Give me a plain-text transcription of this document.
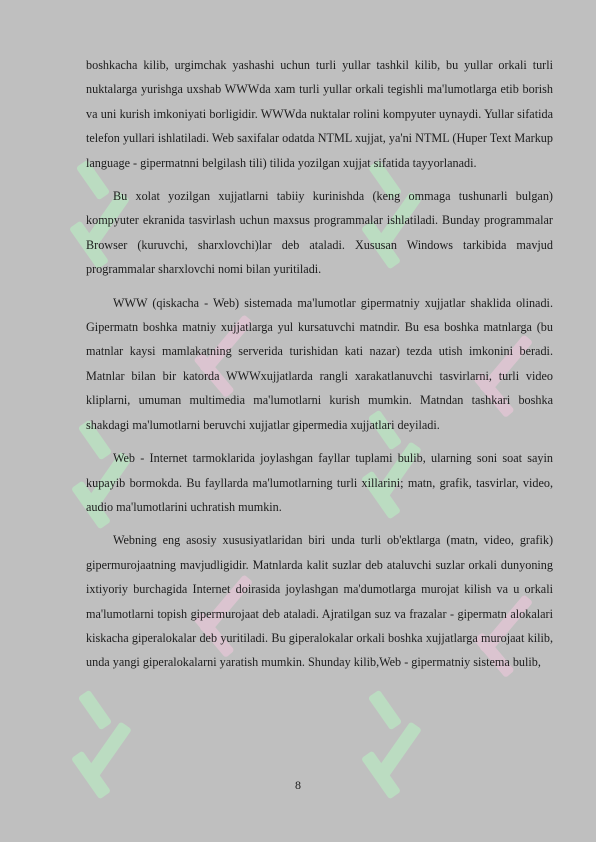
boshkacha kilib, urgimchak yashashi uchun turli yullar tashkil kilib, bu yullar orkali turli nuktalarga yurishga uxshab WWWda xam turli yullar orkali tegishli ma'lumotlarga etib borish va uni kurish imkoniyati borligidir. WWWda nuktalar rolini kompyuter uynaydi. Yullar sifatida telefon yullari ishlatiladi. Web saxifalar odatda NTML xujjat, ya'ni NTML (Huper Text Markup language - gipermatnni belgilash tili) tilida yozilgan xujjat sifatida tayyorlanadi.

Bu xolat yozilgan xujjatlarni tabiiy kurinishda (keng ommaga tushunarli bulgan) kompyuter ekranida tasvirlash uchun maxsus programmalar ishlatiladi. Bunday programmalar Browser (kuruvchi, sharxlovchi)lar deb ataladi. Xususan Windows tarkibida mavjud programmalar sharxlovchi nomi bilan yuritiladi.

WWW (qiskacha - Web) sistemada ma'lumotlar gipermatniy xujjatlar shaklida olinadi. Gipermatn boshka matniy xujjatlarga yul kursatuvchi matndir. Bu esa boshka matnlarga (bu matnlar kaysi mamlakatning serverida turishidan kati nazar) tezda utish imkonini beradi. Matnlar bilan bir katorda WWWxujjatlarda rangli xarakatlanuvchi tasvirlarni, turli video kliplarni, umuman multimedia ma'lumotlarni kurish mumkin. Matndan tashkari boshka shakdagi ma'lumotlarni beruvchi xujjatlar gipermedia xujjatlari deyiladi.

Web - Internet tarmoklarida joylashgan fayllar tuplami bulib, ularning soni soat sayin kupayib bormokda. Bu fayllarda ma'lumotlarning turli xillarini; matn, grafik, tasvirlar, video, audio ma'lumotlarini uchratish mumkin.

Webning eng asosiy xususiyatlaridan biri unda turli ob'ektlarga (matn, video, grafik) gipermurojaatning mavjudligidir. Matnlarda kalit suzlar deb ataluvchi suzlar orkali dunyoning ixtiyoriy burchagida Internet doirasida joylashgan ma'dumotlarga murojat kilish va u orkali ma'lumotlarni topish gipermurojaat deb ataladi. Ajratilgan suz va frazalar - gipermatn alokalari kiskacha giperalokalar deb yuritiladi. Bu giperalokalar orkali boshka xujjatlarga murojaat kilib, unda yangi giperalokalarni yaratish mumkin. Shunday kilib,Web - gipermatniy sistema bulib,

8
